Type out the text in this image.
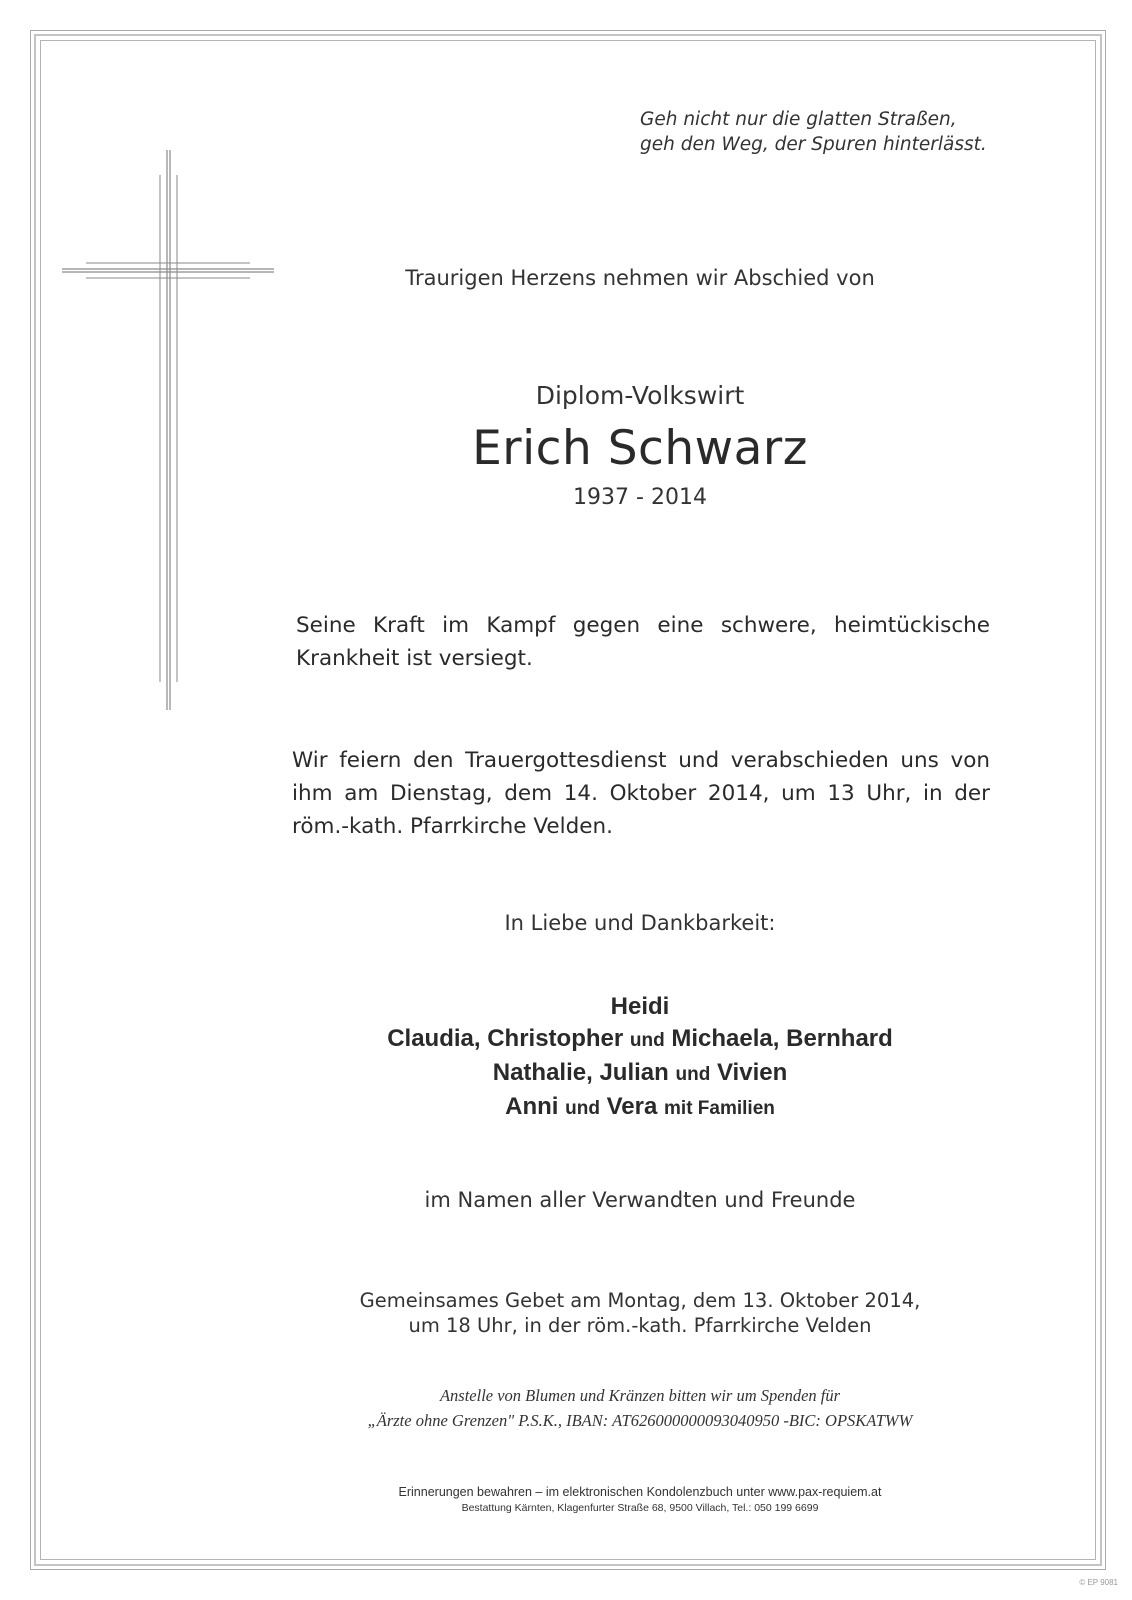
Geh nicht nur die glatten Straßen,
geh den Weg, der Spuren hinterlässt.
Traurigen Herzens nehmen wir Abschied von
Diplom-Volkswirt
Erich Schwarz
1937 - 2014
Seine Kraft im Kampf gegen eine schwere, heimtückische
Krankheit ist versiegt.
Wir feiern den Trauergottesdienst und verabschieden uns von
ihm am Dienstag, dem 14. Oktober 2014, um 13 Uhr, in der
röm.-kath. Pfarrkirche Velden.
In Liebe und Dankbarkeit:
Heidi
Claudia, Christopher und Michaela, Bernhard
Nathalie, Julian und Vivien
Anni und Vera mit Familien
im Namen aller Verwandten und Freunde
Gemeinsames Gebet am Montag, dem 13. Oktober 2014,
um 18 Uhr, in der röm.-kath. Pfarrkirche Velden
Anstelle von Blumen und Kränzen bitten wir um Spenden für
„Ärzte ohne Grenzen" P.S.K., IBAN: AT626000000093040950 -BIC: OPSKATWW
Erinnerungen bewahren – im elektronischen Kondolenzbuch unter www.pax-requiem.at
Bestattung Kärnten, Klagenfurter Straße 68, 9500 Villach, Tel.: 050 199 6699
© EP 9081
